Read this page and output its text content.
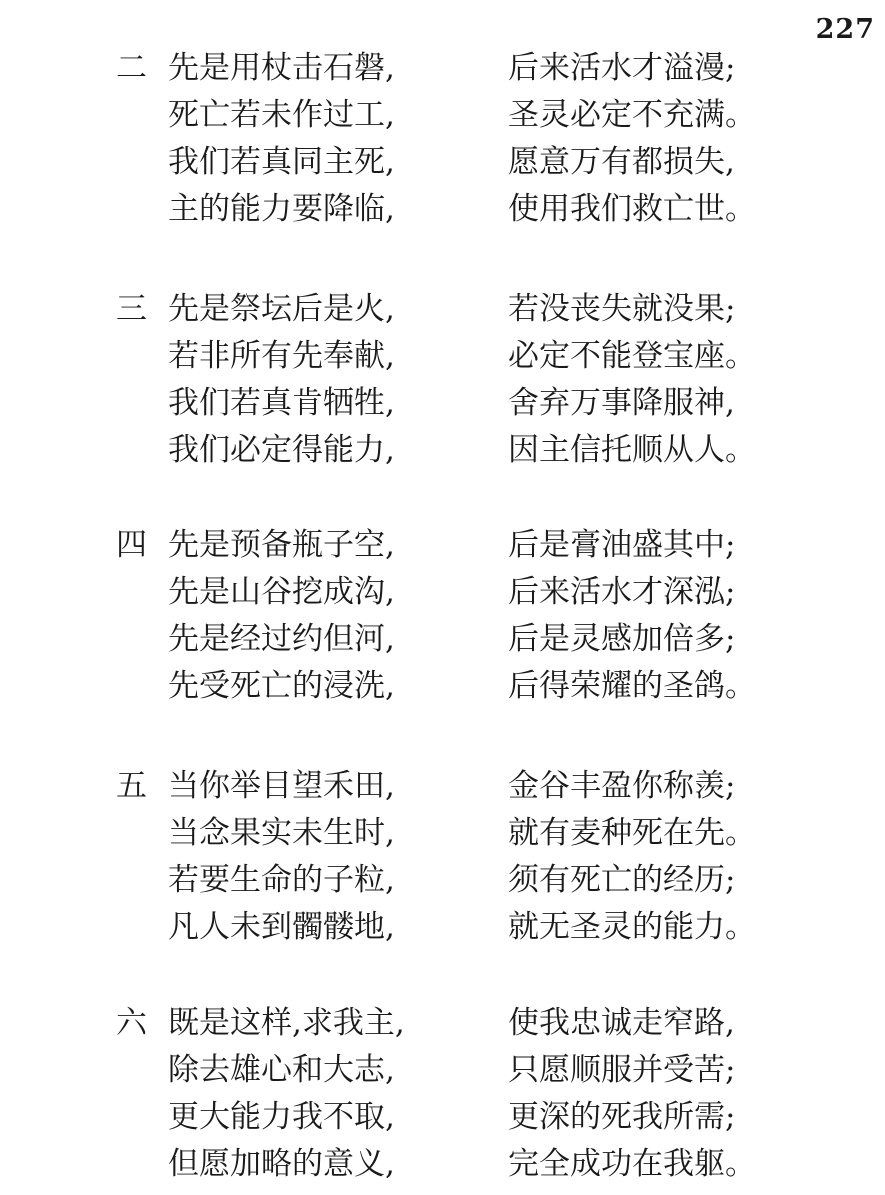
227
二 先是用杖击石磐,	后来活水才溢漫;
死亡若未作过工,	圣灵必定不充满。
我们若真同主死,	愿意万有都损失,
主的能力要降临,	使用我们救亡世。
三 先是祭坛后是火,	若没丧失就没果;
若非所有先奉献,	必定不能登宝座。
我们若真肯牺牲,	舍弃万事降服神,
我们必定得能力,	因主信托顺从人。
四 先是预备瓶子空,	后是膏油盛其中;
先是山谷挖成沟,	后来活水才深泓;
先是经过约但河,	后是灵感加倍多;
先受死亡的浸洗,	后得荣耀的圣鸽。
五 当你举目望禾田,	金谷丰盈你称羡;
当念果实未生时,	就有麦种死在先。
若要生命的子粒,	须有死亡的经历;
凡人未到髑髅地,	就无圣灵的能力。
六 既是这样,求我主,	使我忠诚走窄路,
除去雄心和大志,	只愿顺服并受苦;
更大能力我不取,	更深的死我所需;
但愿加略的意义,	完全成功在我躯。
